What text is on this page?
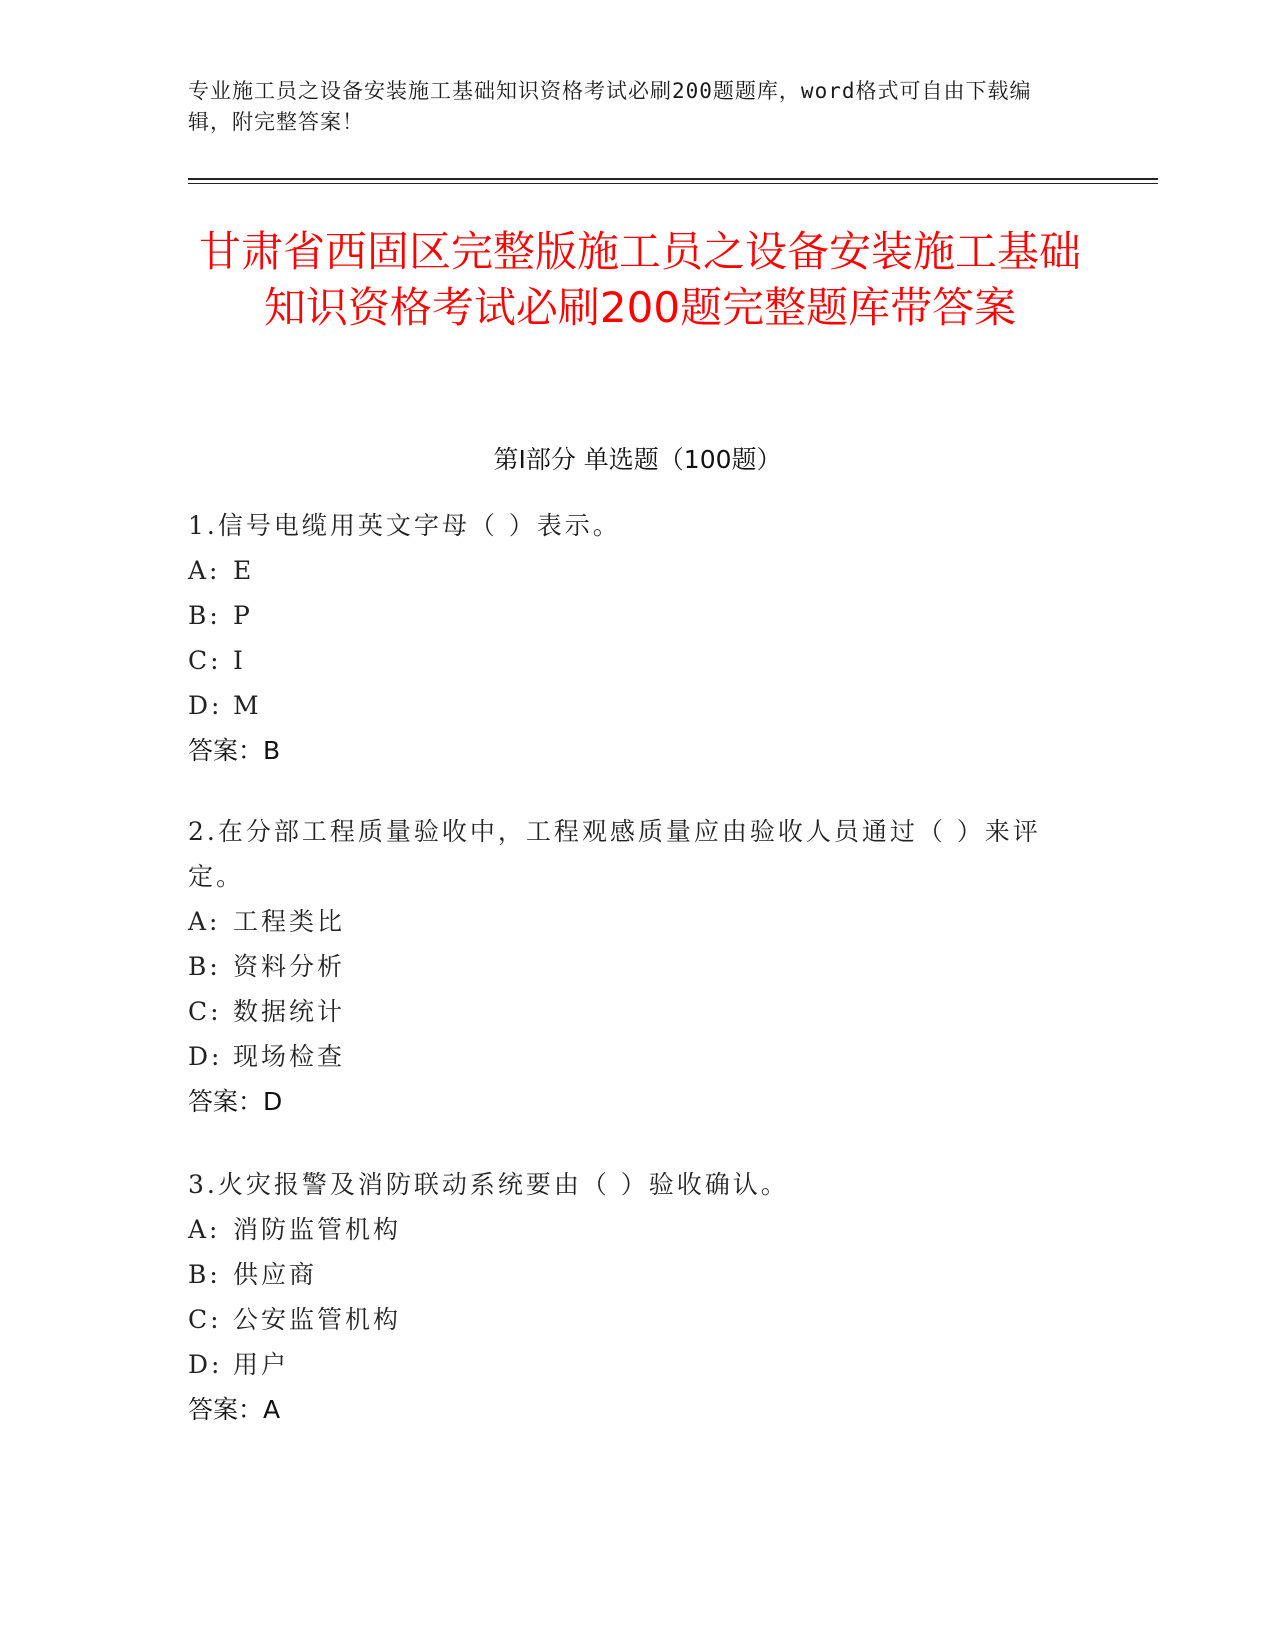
专业施工员之设备安装施工基础知识资格考试必刷200题题库，word格式可自由下载编辑，附完整答案！
甘肃省西固区完整版施工员之设备安装施工基础知识资格考试必刷200题完整题库带答案
第I部分 单选题（100题）
1.信号电缆用英文字母（ ）表示。
A: E
B: P
C: I
D: M
答案：B
2.在分部工程质量验收中，工程观感质量应由验收人员通过（ ）来评定。
A: 工程类比
B: 资料分析
C: 数据统计
D: 现场检查
答案：D
3.火灾报警及消防联动系统要由（ ）验收确认。
A: 消防监管机构
B: 供应商
C: 公安监管机构
D: 用户
答案：A
